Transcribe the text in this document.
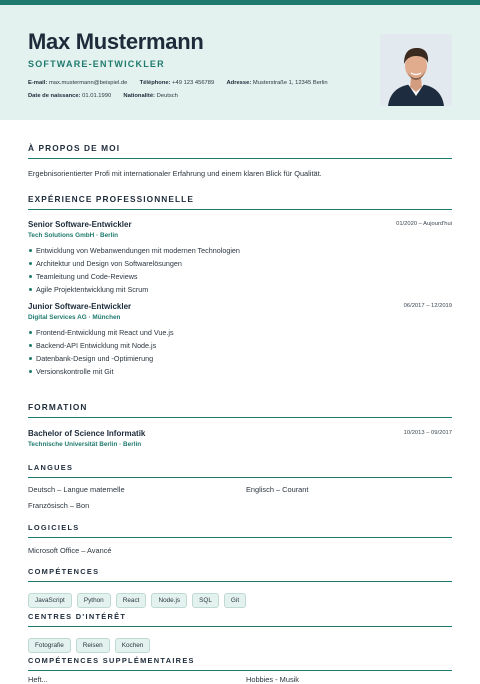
Max Mustermann
SOFTWARE-ENTWICKLER
E-mail: max.mustermann@beispiel.de Téléphone: +49 123 456789 Adresse: Musterstraße 1, 12345 Berlin
Date de naissance: 01.01.1990 Nationalité: Deutsch
À PROPOS DE MOI
Ergebnisorientierter Profi mit internationaler Erfahrung und einem klaren Blick für Qualität.
EXPÉRIENCE PROFESSIONNELLE
Senior Software-Entwickler	01/2020 – Aujourd'hui
Tech Solutions GmbH · Berlin
Entwicklung von Webanwendungen mit modernen Technologien
Architektur und Design von Softwarelösungen
Teamleitung und Code-Reviews
Agile Projektentwicklung mit Scrum
Junior Software-Entwickler	06/2017 – 12/2019
Digital Services AG · München
Frontend-Entwicklung mit React und Vue.js
Backend-API Entwicklung mit Node.js
Datenbank-Design und -Optimierung
Versionskontrolle mit Git
FORMATION
Bachelor of Science Informatik	10/2013 – 09/2017
Technische Universität Berlin · Berlin
LANGUES
Deutsch – Langue maternelle	Englisch – Courant
Französisch – Bon
LOGICIELS
Microsoft Office – Avancé
COMPÉTENCES
JavaScript	Python	React	Node.js	SQL	Git
CENTRES D'INTÉRÊT
Fotografie	Reisen	Kochen
COMPÉTENCES SUPPLÉMENTAIRES
Heft...	Hobbies - Musik
